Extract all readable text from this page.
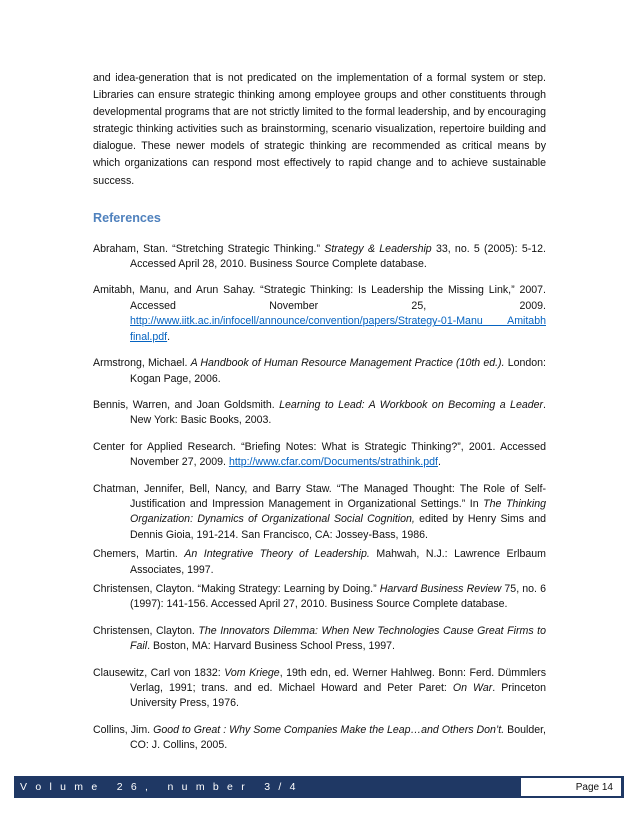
and idea-generation that is not predicated on the implementation of a formal system or step. Libraries can ensure strategic thinking among employee groups and other constituents through developmental programs that are not strictly limited to the formal leadership, and by encouraging strategic thinking activities such as brainstorming, scenario visualization, repertoire building and dialogue. These newer models of strategic thinking are recommended as critical means by which organizations can respond most effectively to rapid change and to achieve sustainable success.

References

Abraham, Stan. “Stretching Strategic Thinking.” Strategy & Leadership 33, no. 5 (2005): 5-12. Accessed April 28, 2010. Business Source Complete database.

Amitabh, Manu, and Arun Sahay. “Strategic Thinking: Is Leadership the Missing Link,” 2007. Accessed November 25, 2009. http://www.iitk.ac.in/infocell/announce/convention/papers/Strategy-01-Manu Amitabh final.pdf.

Armstrong, Michael. A Handbook of Human Resource Management Practice (10th ed.). London: Kogan Page, 2006.

Bennis, Warren, and Joan Goldsmith. Learning to Lead: A Workbook on Becoming a Leader. New York: Basic Books, 2003.

Center for Applied Research. “Briefing Notes: What is Strategic Thinking?”, 2001. Accessed November 27, 2009. http://www.cfar.com/Documents/strathink.pdf.

Chatman, Jennifer, Bell, Nancy, and Barry Staw. “The Managed Thought: The Role of Self-Justification and Impression Management in Organizational Settings.” In The Thinking Organization: Dynamics of Organizational Social Cognition, edited by Henry Sims and Dennis Gioia, 191-214. San Francisco, CA: Jossey-Bass, 1986.

Chemers, Martin. An Integrative Theory of Leadership. Mahwah, N.J.: Lawrence Erlbaum Associates, 1997.

Christensen, Clayton. “Making Strategy: Learning by Doing.” Harvard Business Review 75, no. 6 (1997): 141-156. Accessed April 27, 2010. Business Source Complete database.

Christensen, Clayton. The Innovators Dilemma: When New Technologies Cause Great Firms to Fail. Boston, MA: Harvard Business School Press, 1997.

Clausewitz, Carl von 1832: Vom Kriege, 19th edn, ed. Werner Hahlweg. Bonn: Ferd. Dümmlers Verlag, 1991; trans. and ed. Michael Howard and Peter Paret: On War. Princeton University Press, 1976.

Collins, Jim. Good to Great : Why Some Companies Make the Leap…and Others Don’t. Boulder, CO: J. Collins, 2005.

V o l u m e   2 6 ,   n u m b e r   3 / 4	Page 14
